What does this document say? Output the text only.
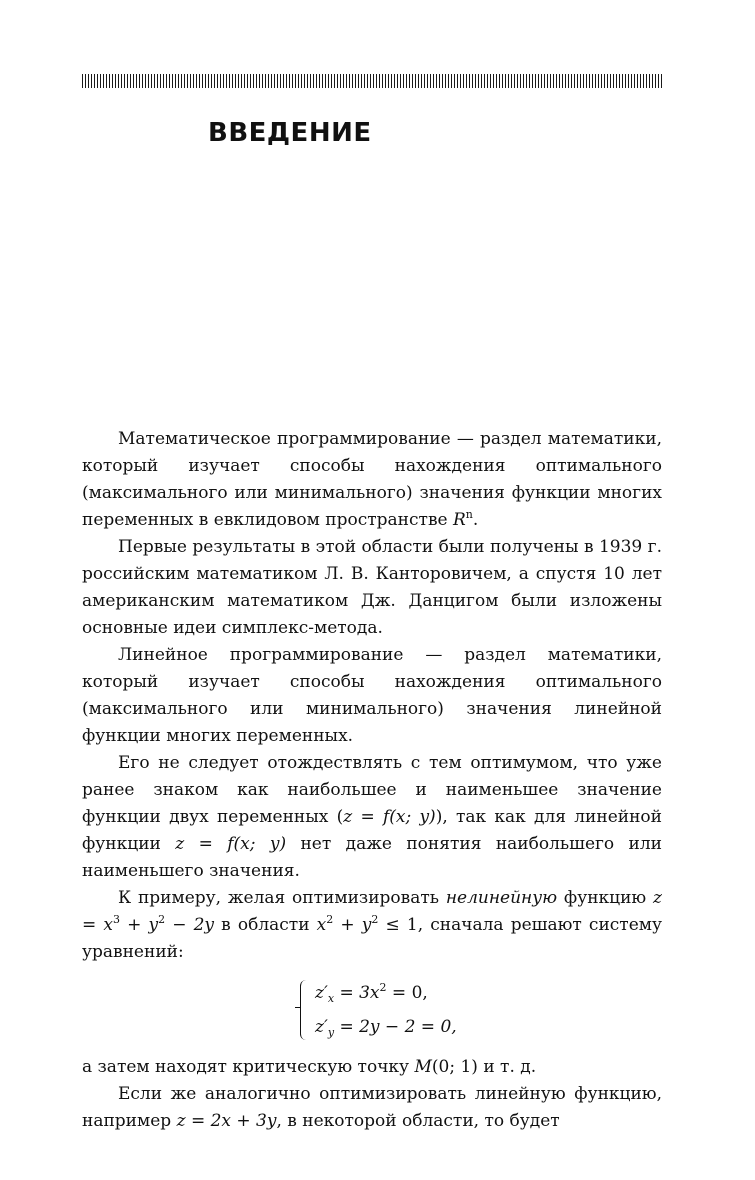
ВВЕДЕНИЕ

Математическое программирование — раздел математики, который изучает способы нахождения оптимального (максимального или минимального) значения функции многих переменных в евклидовом пространстве $R^n$.

Первые результаты в этой области были получены в 1939 г. российским математиком Л. В. Канторовичем, а спустя 10 лет американским математиком Дж. Данцигом были изложены основные идеи симплекс-метода.

Линейное программирование — раздел математики, который изучает способы нахождения оптимального (максимального или минимального) значения линейной функции многих переменных.

Его не следует отождествлять с тем оптимумом, что уже ранее знаком как наибольшее и наименьшее значение функции двух переменных (z = f(x; y)), так как для линейной функции z = f(x; y) нет даже понятия наибольшего или наименьшего значения.

К примеру, желая оптимизировать нелинейную функцию $z = x^3 + y^2 - 2y$ в области $x^2 + y^2 \le 1$, сначала решают систему уравнений:

$z'_x = 3x^2 = 0$,
$z'_y = 2y - 2 = 0$,

а затем находят критическую точку M(0; 1) и т. д.

Если же аналогично оптимизировать линейную функцию, например z = 2x + 3y, в некоторой области, то будет
